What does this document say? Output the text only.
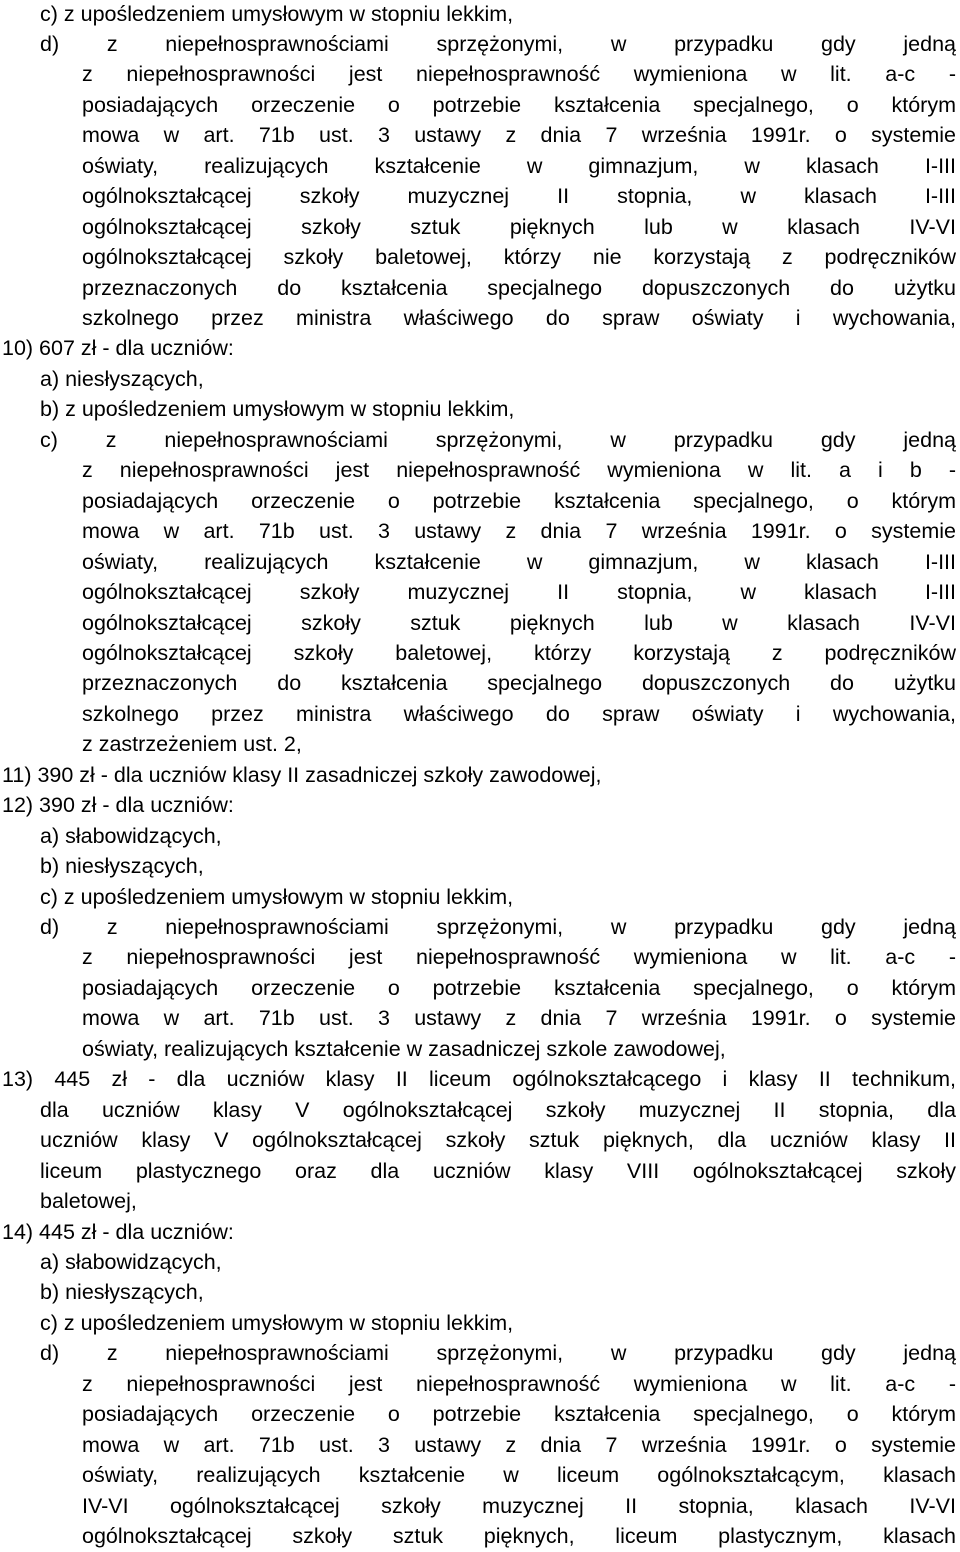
c) z upośledzeniem umysłowym w stopniu lekkim,
d) z niepełnosprawnościami sprzężonymi, w przypadku gdy jedną
z niepełnosprawności jest niepełnosprawność wymieniona w lit. a-c -
posiadających orzeczenie o potrzebie kształcenia specjalnego, o którym
mowa w art. 71b ust. 3 ustawy z dnia 7 września 1991r. o systemie
oświaty, realizujących kształcenie w gimnazjum, w klasach I-III
ogólnokształcącej szkoły muzycznej II stopnia, w klasach I-III
ogólnokształcącej szkoły sztuk pięknych lub w klasach IV-VI
ogólnokształcącej szkoły baletowej, którzy nie korzystają z podręczników
przeznaczonych do kształcenia specjalnego dopuszczonych do użytku
szkolnego przez ministra właściwego do spraw oświaty i wychowania,
10) 607 zł - dla uczniów:
a) niesłyszących,
b) z upośledzeniem umysłowym w stopniu lekkim,
c) z niepełnosprawnościami sprzężonymi, w przypadku gdy jedną
z niepełnosprawności jest niepełnosprawność wymieniona w lit. a i b -
posiadających orzeczenie o potrzebie kształcenia specjalnego, o którym
mowa w art. 71b ust. 3 ustawy z dnia 7 września 1991r. o systemie
oświaty, realizujących kształcenie w gimnazjum, w klasach I-III
ogólnokształcącej szkoły muzycznej II stopnia, w klasach I-III
ogólnokształcącej szkoły sztuk pięknych lub w klasach IV-VI
ogólnokształcącej szkoły baletowej, którzy korzystają z podręczników
przeznaczonych do kształcenia specjalnego dopuszczonych do użytku
szkolnego przez ministra właściwego do spraw oświaty i wychowania,
z zastrzeżeniem ust. 2,
11) 390 zł - dla uczniów klasy II zasadniczej szkoły zawodowej,
12) 390 zł - dla uczniów:
a) słabowidzących,
b) niesłyszących,
c) z upośledzeniem umysłowym w stopniu lekkim,
d) z niepełnosprawnościami sprzężonymi, w przypadku gdy jedną
z niepełnosprawności jest niepełnosprawność wymieniona w lit. a-c -
posiadających orzeczenie o potrzebie kształcenia specjalnego, o którym
mowa w art. 71b ust. 3 ustawy z dnia 7 września 1991r. o systemie
oświaty, realizujących kształcenie w zasadniczej szkole zawodowej,
13) 445 zł - dla uczniów klasy II liceum ogólnokształcącego i klasy II technikum,
dla uczniów klasy V ogólnokształcącej szkoły muzycznej II stopnia, dla
uczniów klasy V ogólnokształcącej szkoły sztuk pięknych, dla uczniów klasy II
liceum plastycznego oraz dla uczniów klasy VIII ogólnokształcącej szkoły
baletowej,
14) 445 zł - dla uczniów:
a) słabowidzących,
b) niesłyszących,
c) z upośledzeniem umysłowym w stopniu lekkim,
d) z niepełnosprawnościami sprzężonymi, w przypadku gdy jedną
z niepełnosprawności jest niepełnosprawność wymieniona w lit. a-c -
posiadających orzeczenie o potrzebie kształcenia specjalnego, o którym
mowa w art. 71b ust. 3 ustawy z dnia 7 września 1991r. o systemie
oświaty, realizujących kształcenie w liceum ogólnokształcącym, klasach
IV-VI ogólnokształcącej szkoły muzycznej II stopnia, klasach IV-VI
ogólnokształcącej szkoły sztuk pięknych, liceum plastycznym, klasach
